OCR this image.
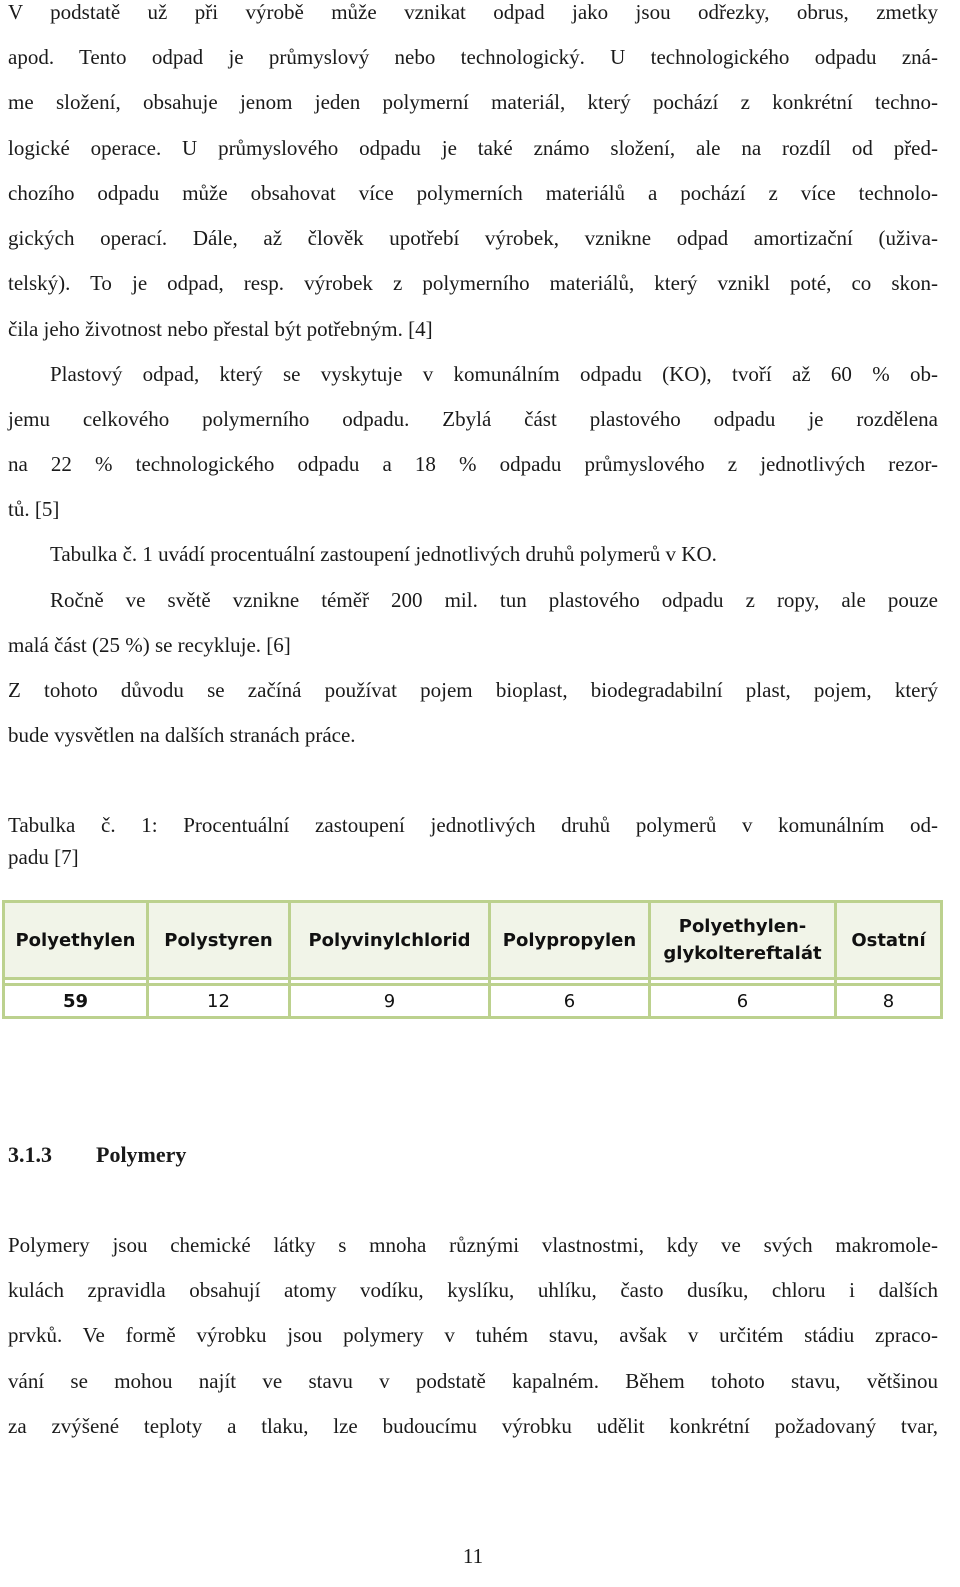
V podstatě už při výrobě může vznikat odpad jako jsou odřezky, obrus, zmetky
apod. Tento odpad je průmyslový nebo technologický. U technologického odpadu zná-
me složení, obsahuje jenom jeden polymerní materiál, který pochází z konkrétní techno-
logické operace. U průmyslového odpadu je také známo složení, ale na rozdíl od před-
chozího odpadu může obsahovat více polymerních materiálů a pochází z více technolo-
gických operací. Dále, až člověk upotřebí výrobek, vznikne odpad amortizační (uživa-
telský). To je odpad, resp. výrobek z polymerního materiálů, který vznikl poté, co skon-
čila jeho životnost nebo přestal být potřebným. [4]
Plastový odpad, který se vyskytuje v komunálním odpadu (KO), tvoří až 60 % ob-
jemu celkového polymerního odpadu. Zbylá část plastového odpadu je rozdělena
na 22 % technologického odpadu a 18 % odpadu průmyslového z jednotlivých rezor-
tů. [5]
Tabulka č. 1 uvádí procentuální zastoupení jednotlivých druhů polymerů v KO.
Ročně ve světě vznikne téměř 200 mil. tun plastového odpadu z ropy, ale pouze
malá část (25 %) se recykluje. [6]
Z tohoto důvodu se začíná používat pojem bioplast, biodegradabilní plast, pojem, který
bude vysvětlen na dalších stranách práce.
Tabulka č. 1: Procentuální zastoupení jednotlivých druhů polymerů v komunálním od-
padu [7]
3.1.3 Polymery
Polymery jsou chemické látky s mnoha různými vlastnostmi, kdy ve svých makromole-
kulách zpravidla obsahují atomy vodíku, kyslíku, uhlíku, často dusíku, chloru i dalších
prvků. Ve formě výrobku jsou polymery v tuhém stavu, avšak v určitém stádiu zpraco-
vání se mohou najít ve stavu v podstatě kapalném. Během tohoto stavu, většinou
za zvýšené teploty a tlaku, lze budoucímu výrobku udělit konkrétní požadovaný tvar,
11
Polyethylen	Polystyren	Polyvinylchlorid	Polypropylen	Polyethylen-glykoltereftalát	Ostatní

59	12	9	6	6	8
